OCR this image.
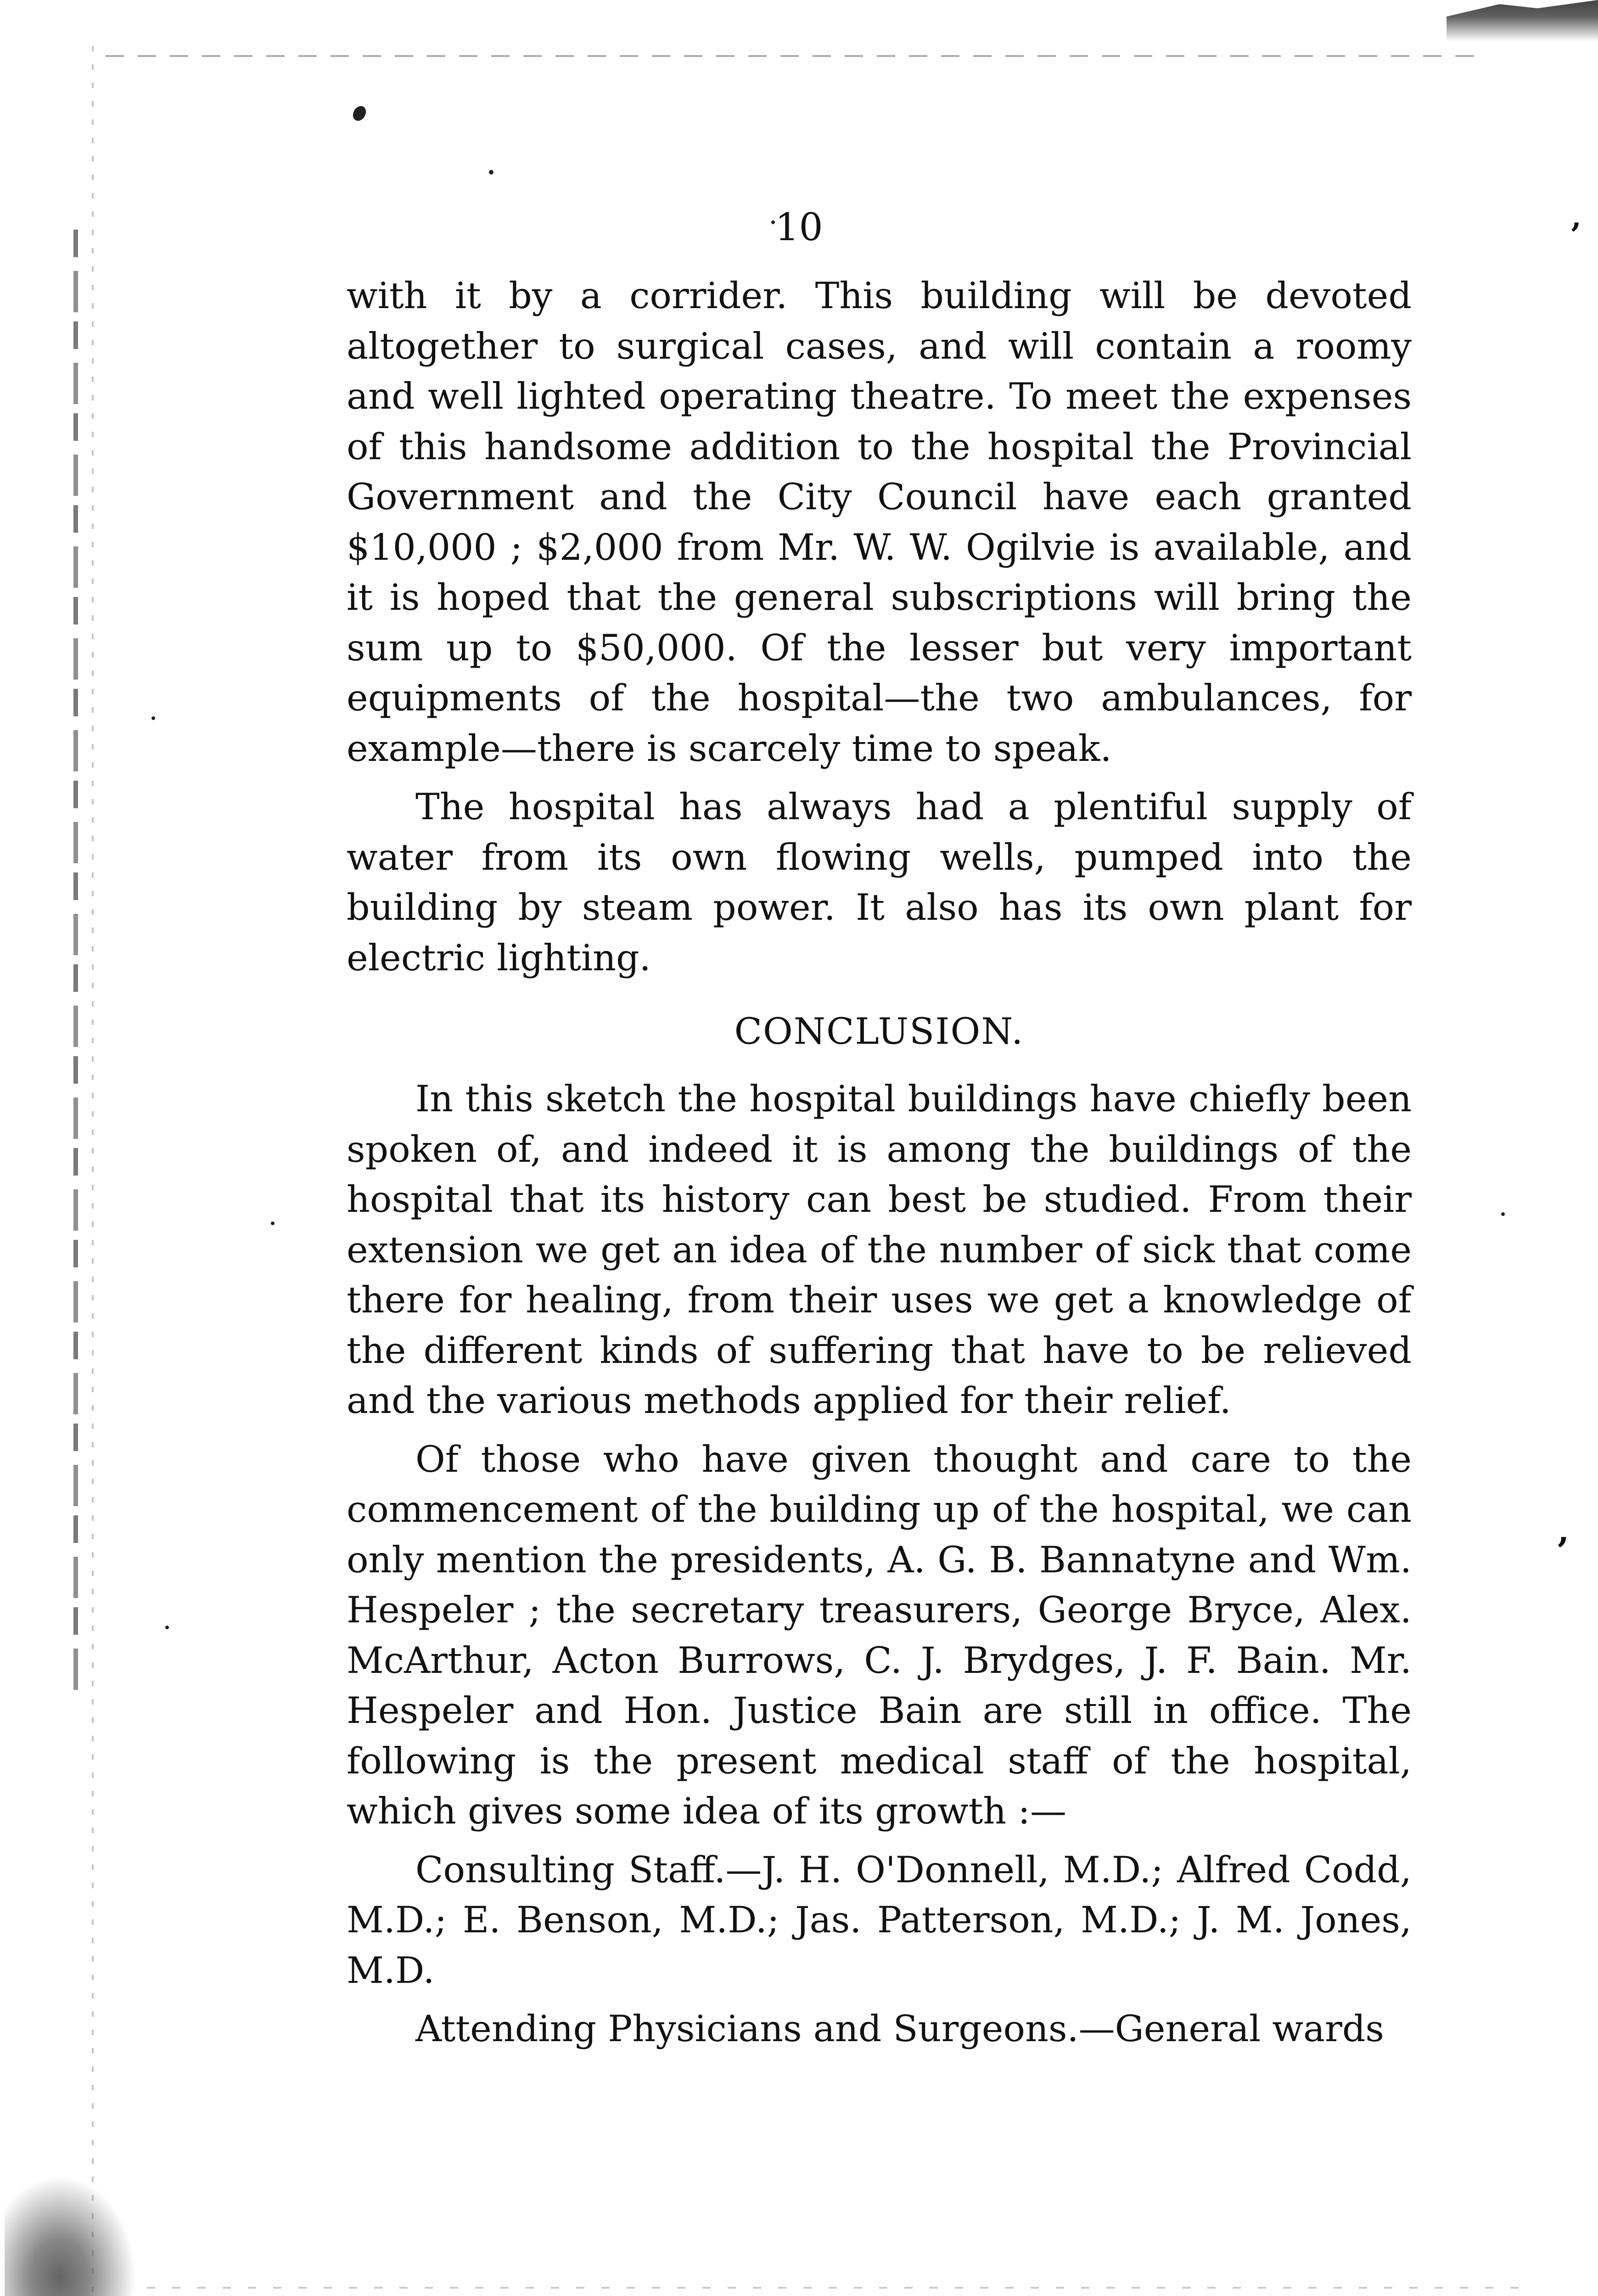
’
’
10

with it by a corrider. This building will be devoted altogether to surgical cases, and will contain a roomy and well lighted operating theatre. To meet the expenses of this handsome addition to the hospital the Provincial Government and the City Council have each granted $10,000 ; $2,000 from Mr. W. W. Ogilvie is available, and it is hoped that the general subscriptions will bring the sum up to $50,000. Of the lesser but very important equipments of the hospital—the two ambulances, for example—there is scarcely time to speak.

The hospital has always had a plentiful supply of water from its own flowing wells, pumped into the building by steam power. It also has its own plant for electric lighting.

CONCLUSION.

In this sketch the hospital buildings have chiefly been spoken of, and indeed it is among the buildings of the hospital that its history can best be studied. From their extension we get an idea of the number of sick that come there for healing, from their uses we get a knowledge of the different kinds of suffering that have to be relieved and the various methods applied for their relief.

Of those who have given thought and care to the commencement of the building up of the hospital, we can only mention the presidents, A. G. B. Bannatyne and Wm. Hespeler ; the secretary treasurers, George Bryce, Alex. McArthur, Acton Burrows, C. J. Brydges, J. F. Bain. Mr. Hespeler and Hon. Justice Bain are still in office. The following is the present medical staff of the hospital, which gives some idea of its growth :—

Consulting Staff.—J. H. O'Donnell, M.D.; Alfred Codd, M.D.; E. Benson, M.D.; Jas. Patterson, M.D.; J. M. Jones, M.D.

Attending Physicians and Surgeons.—General wards
